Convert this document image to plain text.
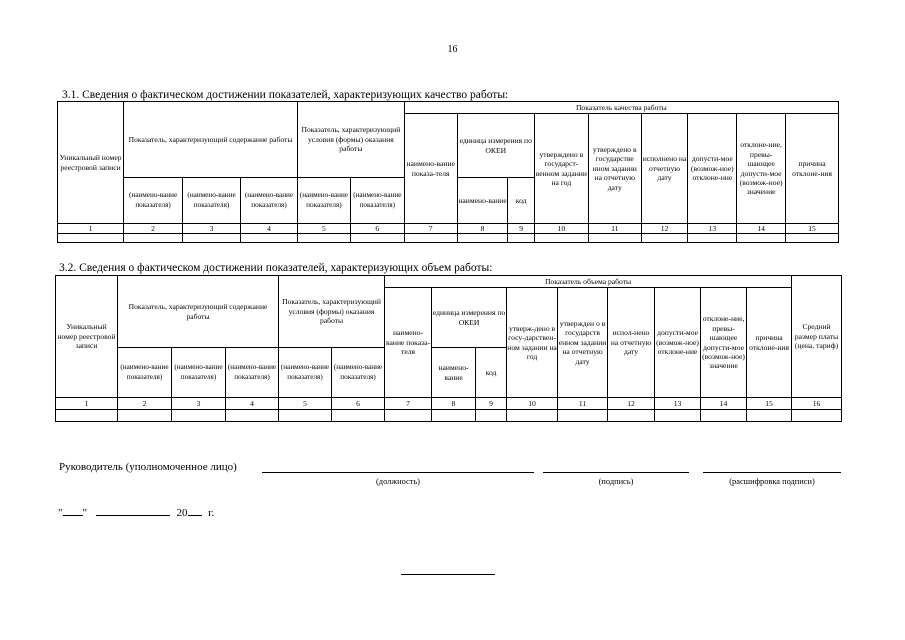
16
3.1. Сведения о фактическом достижении показателей, характеризующих качество работы:
Уникальный номер реестровой записи	Показатель, характеризующий содержание работы			Показатель, характеризующий условия (формы) оказания работы		Показатель качества работы								
						наимено-вание показа-теля	единица измерения по ОКЕИ		утверждено в государст-венном задании на год	утверждено в государстве нном задании на отчетную дату	исполнено на отчетную дату	допусти-мое (возмож-ное) отклоне-ние	отклоне-ние, превы-шающее допусти-мое (возмож-ное) значение	причина отклоне-ния
	(наимено-вание показателя)	(наимено-вание показателя)	(наимено-вание показателя)	(наимено-вание показателя)	(наимено-вание показателя)		наимено-вание	код						
1	2	3	4	5	6	7	8	9	10	11	12	13	14	15

3.2. Сведения о фактическом достижении показателей, характеризующих объем работы:
Уникальный номер реестровой записи	Показатель, характеризующий содержание работы			Показатель, характеризующий условия (формы) оказания работы		Показатель объема работы									Средний размер платы (цена, тариф)
						наимено-вание показа-теля	единица измерения по ОКЕИ		утверж-дено в госу-дарствен-ном задании на год	утвержден о в государств енном задании на отчетную дату	испол-нено на отчетную дату	допусти-мое (возмож-ное) отклоне-ние	отклоне-ние, превы-шающее допусти-мое (возмож-ное) значение	причина отклоне-ния	
	(наимено-вание показателя)	(наимено-вание показателя)	(наимено-вание показателя)	(наимено-вание показателя)	(наимено-вание показателя)		наимено-вание	код							
1	2	3	4	5	6	7	8	9	10	11	12	13	14	15	16

Руководитель (уполномоченное лицо)
(должность)	(подпись)	(расшифровка подписи)
" "	20 г.
